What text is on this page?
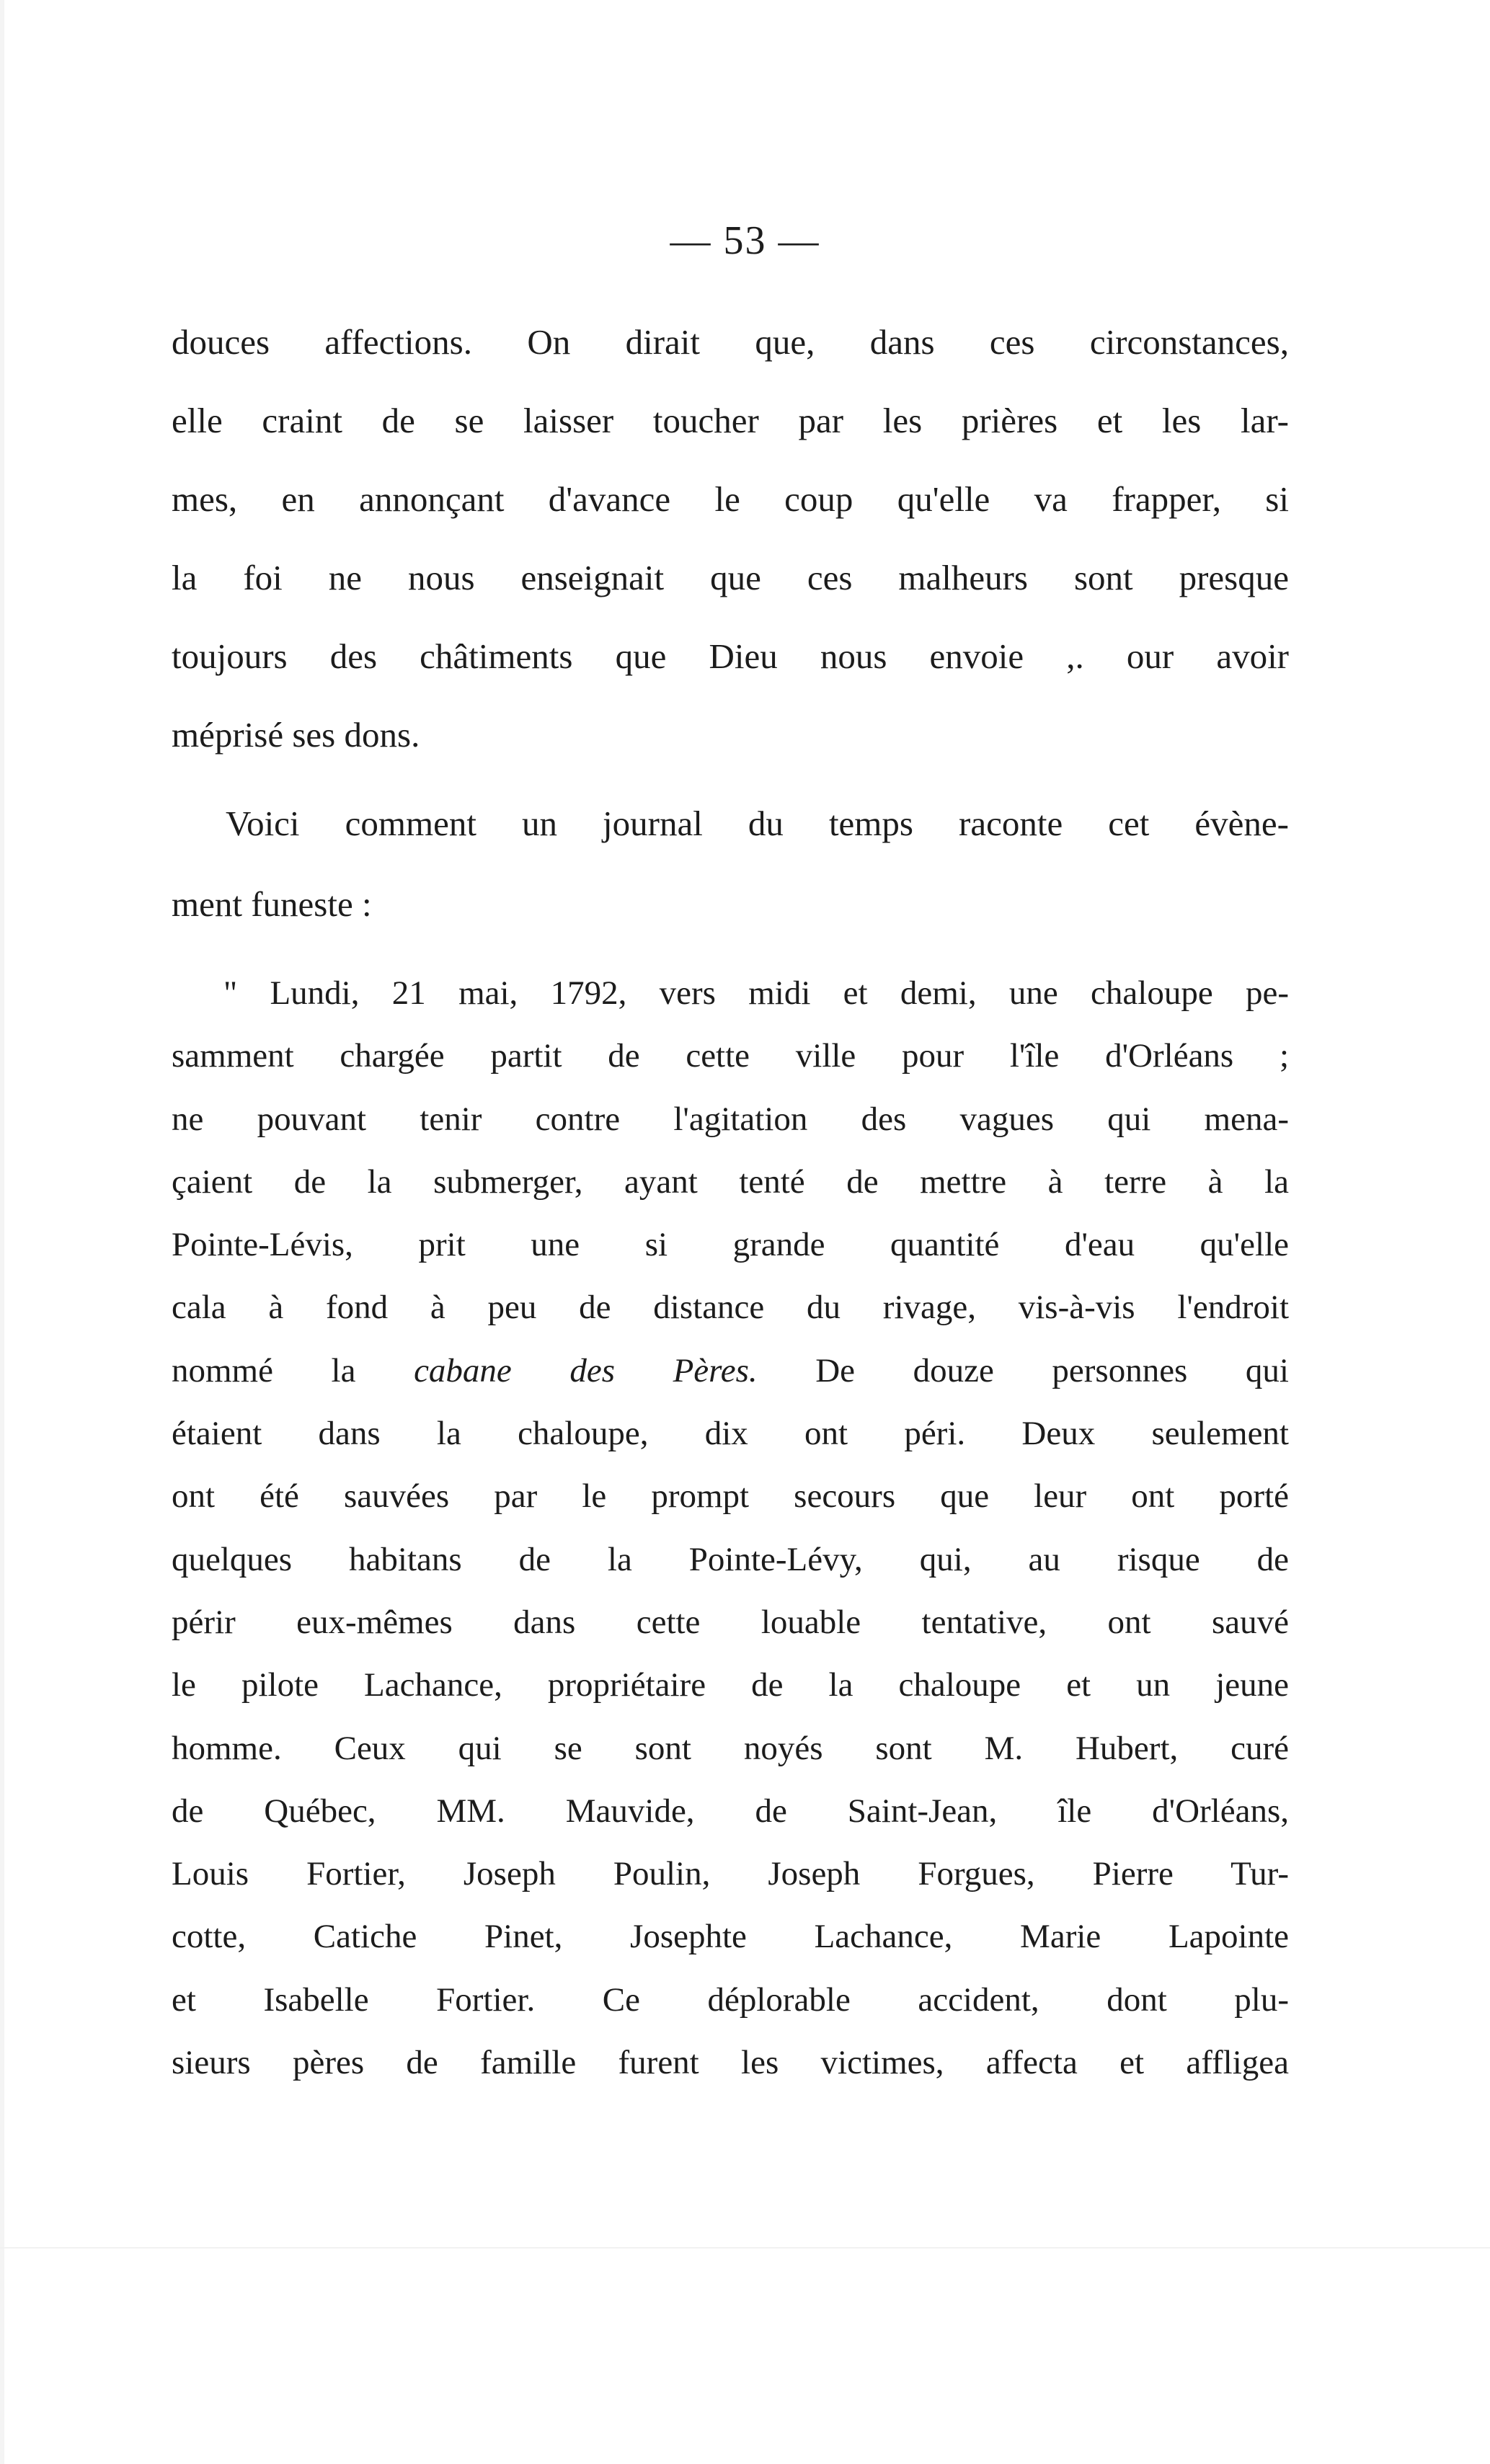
— 53 —
douces affections. On dirait que, dans ces circonstances,
elle craint de se laisser toucher par les prières et les lar-
mes, en annonçant d'avance le coup qu'elle va frapper, si
la foi ne nous enseignait que ces malheurs sont presque
toujours des châtiments que Dieu nous envoie ,. our avoir
méprisé ses dons.
Voici comment un journal du temps raconte cet évène-
ment funeste :
" Lundi, 21 mai, 1792, vers midi et demi, une chaloupe pe-
samment chargée partit de cette ville pour l'île d'Orléans ;
ne pouvant tenir contre l'agitation des vagues qui mena-
çaient de la submerger, ayant tenté de mettre à terre à la
Pointe-Lévis, prit une si grande quantité d'eau qu'elle
cala à fond à peu de distance du rivage, vis-à-vis l'endroit
nommé la cabane des Pères. De douze personnes qui
étaient dans la chaloupe, dix ont péri. Deux seulement
ont été sauvées par le prompt secours que leur ont porté
quelques habitans de la Pointe-Lévy, qui, au risque de
périr eux-mêmes dans cette louable tentative, ont sauvé
le pilote Lachance, propriétaire de la chaloupe et un jeune
homme. Ceux qui se sont noyés sont M. Hubert, curé
de Québec, MM. Mauvide, de Saint-Jean, île d'Orléans,
Louis Fortier, Joseph Poulin, Joseph Forgues, Pierre Tur-
cotte, Catiche Pinet, Josephte Lachance, Marie Lapointe
et Isabelle Fortier. Ce déplorable accident, dont plu-
sieurs pères de famille furent les victimes, affecta et affligea
